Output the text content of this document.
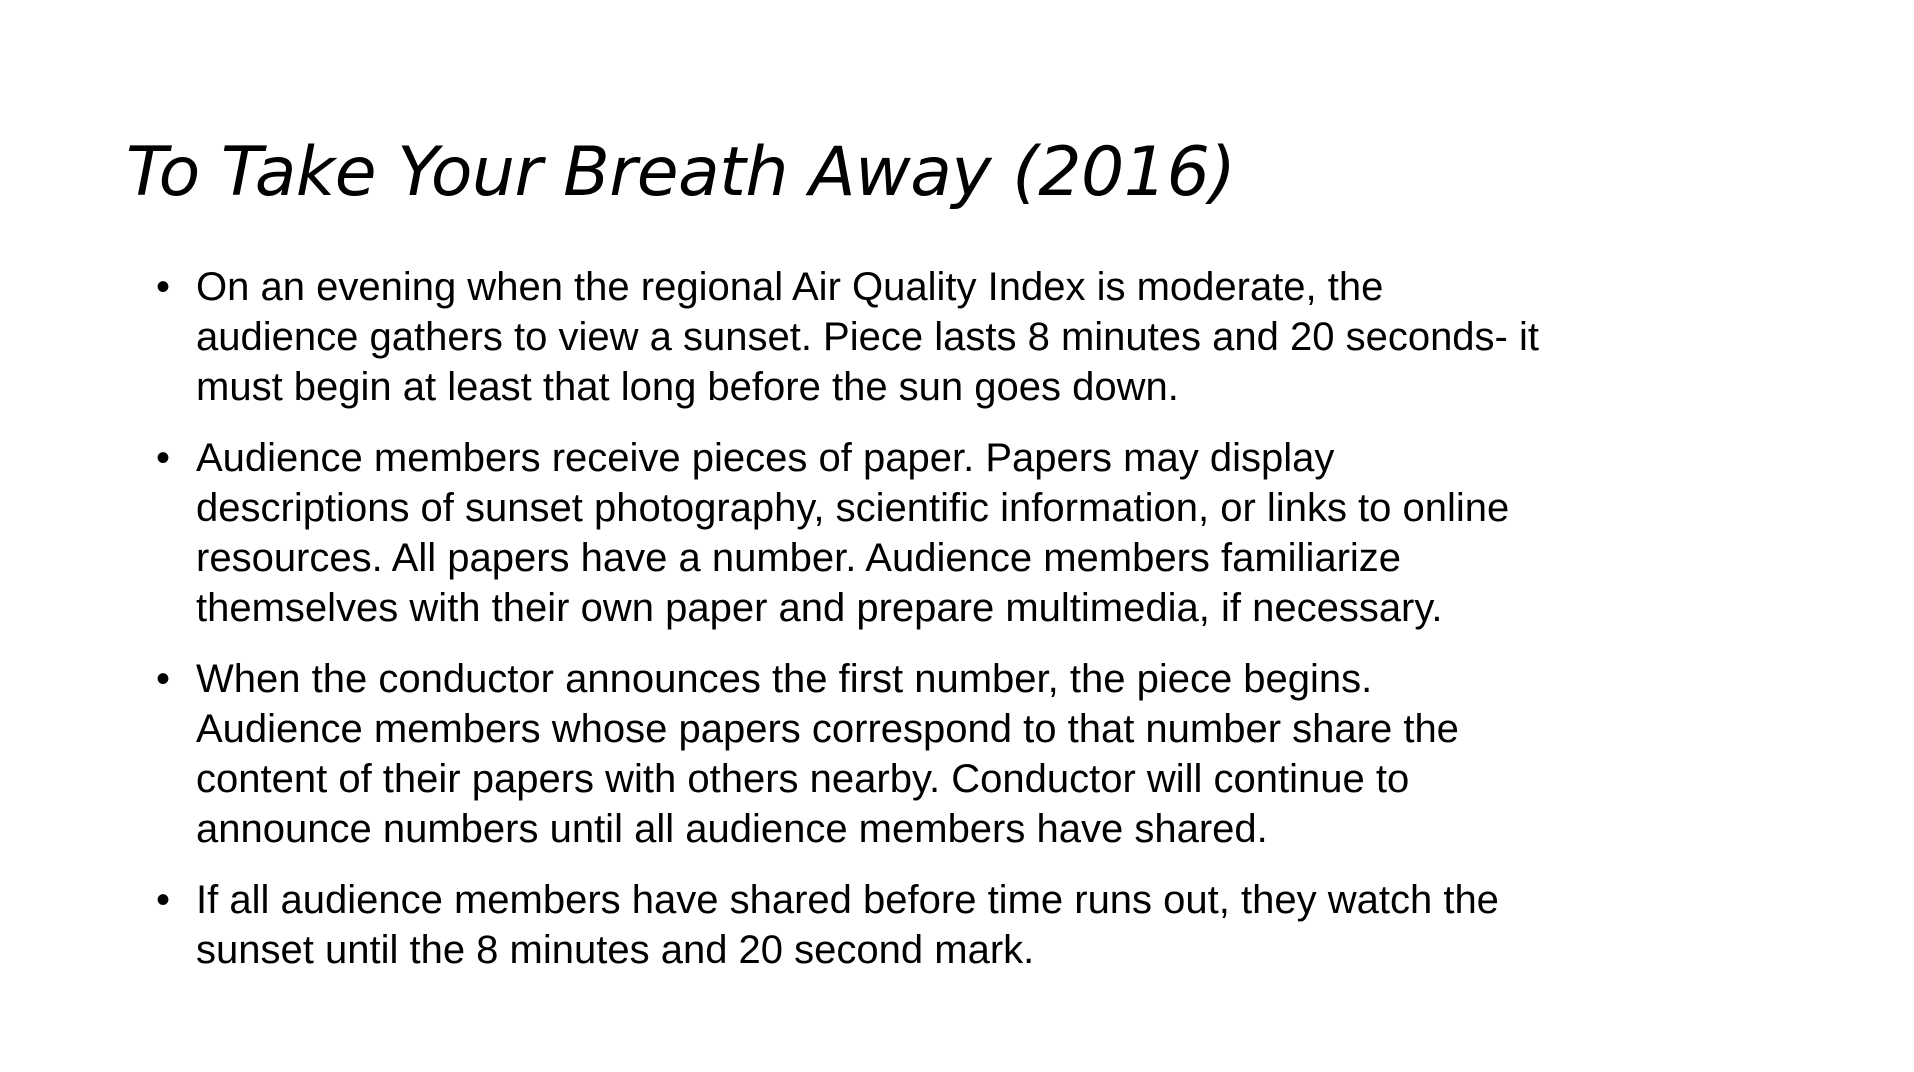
To Take Your Breath Away (2016)
• On an evening when the regional Air Quality Index is moderate, the
audience gathers to view a sunset. Piece lasts 8 minutes and 20 seconds- it
must begin at least that long before the sun goes down.
• Audience members receive pieces of paper. Papers may display
descriptions of sunset photography, scientific information, or links to online
resources. All papers have a number. Audience members familiarize
themselves with their own paper and prepare multimedia, if necessary.
• When the conductor announces the first number, the piece begins.
Audience members whose papers correspond to that number share the
content of their papers with others nearby. Conductor will continue to
announce numbers until all audience members have shared.
• If all audience members have shared before time runs out, they watch the
sunset until the 8 minutes and 20 second mark.
